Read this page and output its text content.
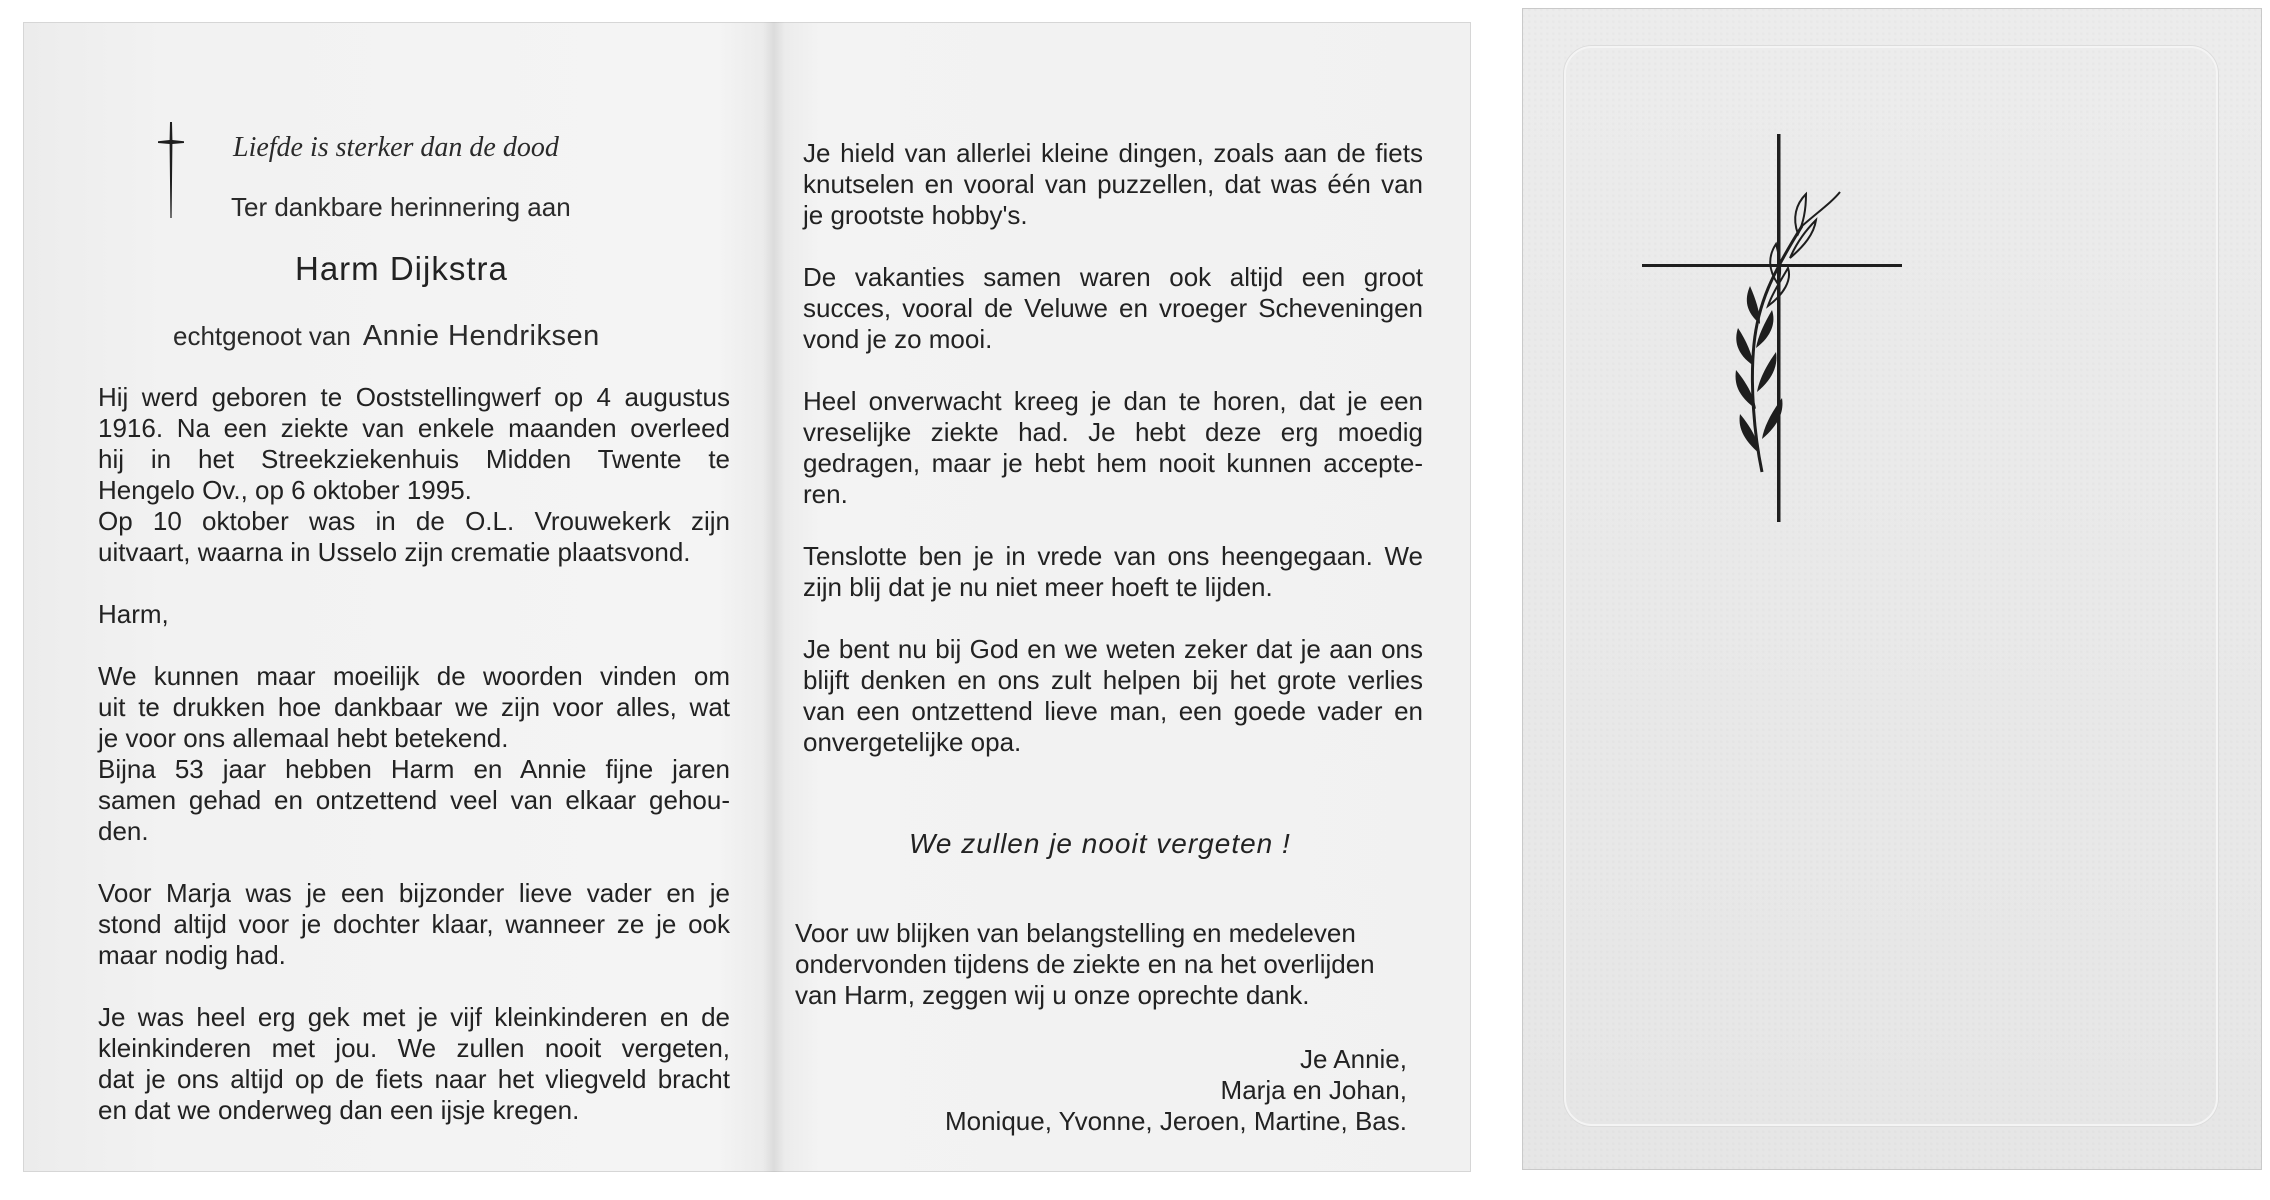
Liefde is sterker dan de dood
Ter dankbare herinnering aan
Harm Dijkstra
echtgenoot van Annie Hendriksen

Hij werd geboren te Ooststellingwerf op 4 augustus
1916. Na een ziekte van enkele maanden overleed
hij in het Streekziekenhuis Midden Twente te
Hengelo Ov., op 6 oktober 1995.
Op 10 oktober was in de O.L. Vrouwekerk zijn
uitvaart, waarna in Usselo zijn crematie plaatsvond.

Harm,

We kunnen maar moeilijk de woorden vinden om
uit te drukken hoe dankbaar we zijn voor alles, wat
je voor ons allemaal hebt betekend.
Bijna 53 jaar hebben Harm en Annie fijne jaren
samen gehad en ontzettend veel van elkaar gehou-
den.

Voor Marja was je een bijzonder lieve vader en je
stond altijd voor je dochter klaar, wanneer ze je ook
maar nodig had.

Je was heel erg gek met je vijf kleinkinderen en de
kleinkinderen met jou. We zullen nooit vergeten,
dat je ons altijd op de fiets naar het vliegveld bracht
en dat we onderweg dan een ijsje kregen.

Je hield van allerlei kleine dingen, zoals aan de fiets
knutselen en vooral van puzzellen, dat was één van
je grootste hobby's.

De vakanties samen waren ook altijd een groot
succes, vooral de Veluwe en vroeger Scheveningen
vond je zo mooi.

Heel onverwacht kreeg je dan te horen, dat je een
vreselijke ziekte had. Je hebt deze erg moedig
gedragen, maar je hebt hem nooit kunnen accepte-
ren.

Tenslotte ben je in vrede van ons heengegaan. We
zijn blij dat je nu niet meer hoeft te lijden.

Je bent nu bij God en we weten zeker dat je aan ons
blijft denken en ons zult helpen bij het grote verlies
van een ontzettend lieve man, een goede vader en
onvergetelijke opa.

We zullen je nooit vergeten !
Voor uw blijken van belangstelling en medeleven
ondervonden tijdens de ziekte en na het overlijden
van Harm, zeggen wij u onze oprechte dank.
Je Annie,
Marja en Johan,
Monique, Yvonne, Jeroen, Martine, Bas.
